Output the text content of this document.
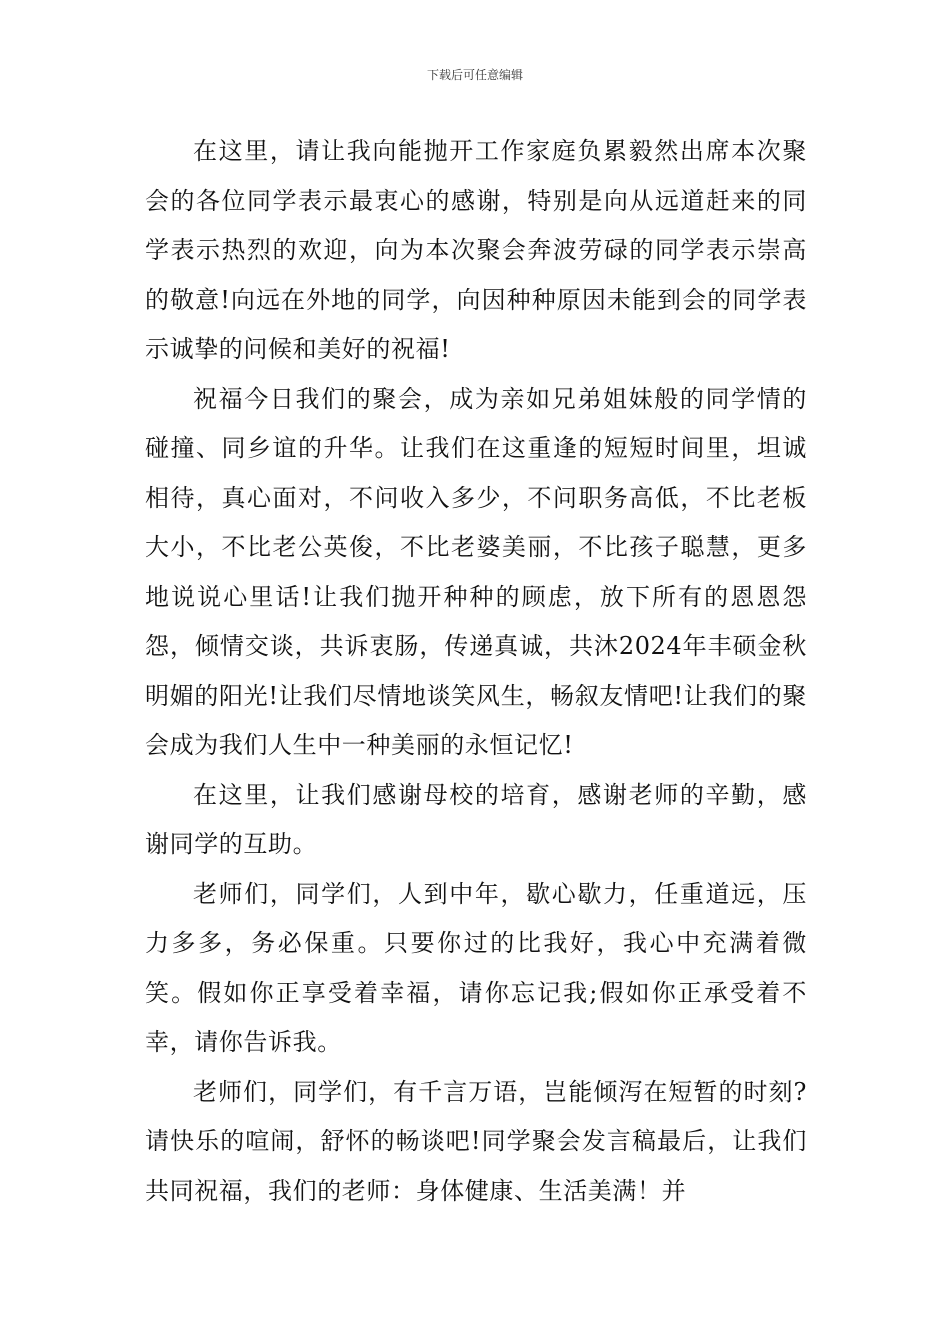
下载后可任意编辑

在这里，请让我向能抛开工作家庭负累毅然出席本次聚会的各位同学表示最衷心的感谢，特别是向从远道赶来的同学表示热烈的欢迎，向为本次聚会奔波劳碌的同学表示崇高的敬意!向远在外地的同学，向因种种原因未能到会的同学表示诚挚的问候和美好的祝福!

祝福今日我们的聚会，成为亲如兄弟姐妹般的同学情的碰撞、同乡谊的升华。让我们在这重逢的短短时间里，坦诚相待，真心面对，不问收入多少，不问职务高低，不比老板大小，不比老公英俊，不比老婆美丽，不比孩子聪慧，更多地说说心里话!让我们抛开种种的顾虑，放下所有的恩恩怨怨，倾情交谈，共诉衷肠，传递真诚，共沐2024年丰硕金秋明媚的阳光!让我们尽情地谈笑风生，畅叙友情吧!让我们的聚会成为我们人生中一种美丽的永恒记忆!

在这里，让我们感谢母校的培育，感谢老师的辛勤，感谢同学的互助。

老师们，同学们，人到中年，歇心歇力，任重道远，压力多多，务必保重。只要你过的比我好，我心中充满着微笑。假如你正享受着幸福，请你忘记我;假如你正承受着不幸，请你告诉我。

老师们，同学们，有千言万语，岂能倾泻在短暂的时刻?请快乐的喧闹，舒怀的畅谈吧!同学聚会发言稿最后，让我们共同祝福，我们的老师：身体健康、生活美满！并
